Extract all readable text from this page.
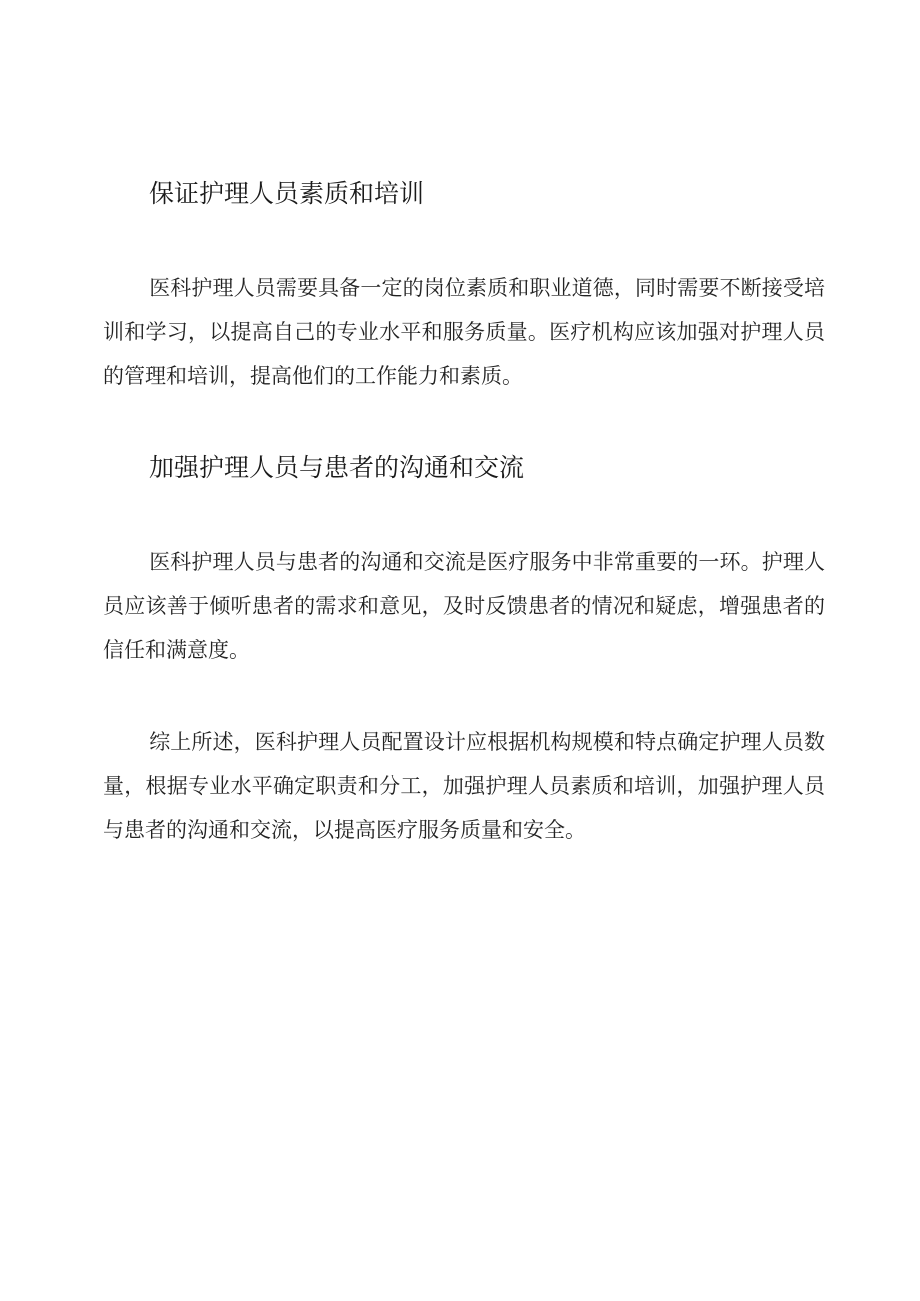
保证护理人员素质和培训

医科护理人员需要具备一定的岗位素质和职业道德，同时需要不断接受培训和学习，以提高自己的专业水平和服务质量。医疗机构应该加强对护理人员的管理和培训，提高他们的工作能力和素质。

加强护理人员与患者的沟通和交流

医科护理人员与患者的沟通和交流是医疗服务中非常重要的一环。护理人员应该善于倾听患者的需求和意见，及时反馈患者的情况和疑虑，增强患者的信任和满意度。

综上所述，医科护理人员配置设计应根据机构规模和特点确定护理人员数量，根据专业水平确定职责和分工，加强护理人员素质和培训，加强护理人员与患者的沟通和交流，以提高医疗服务质量和安全。
